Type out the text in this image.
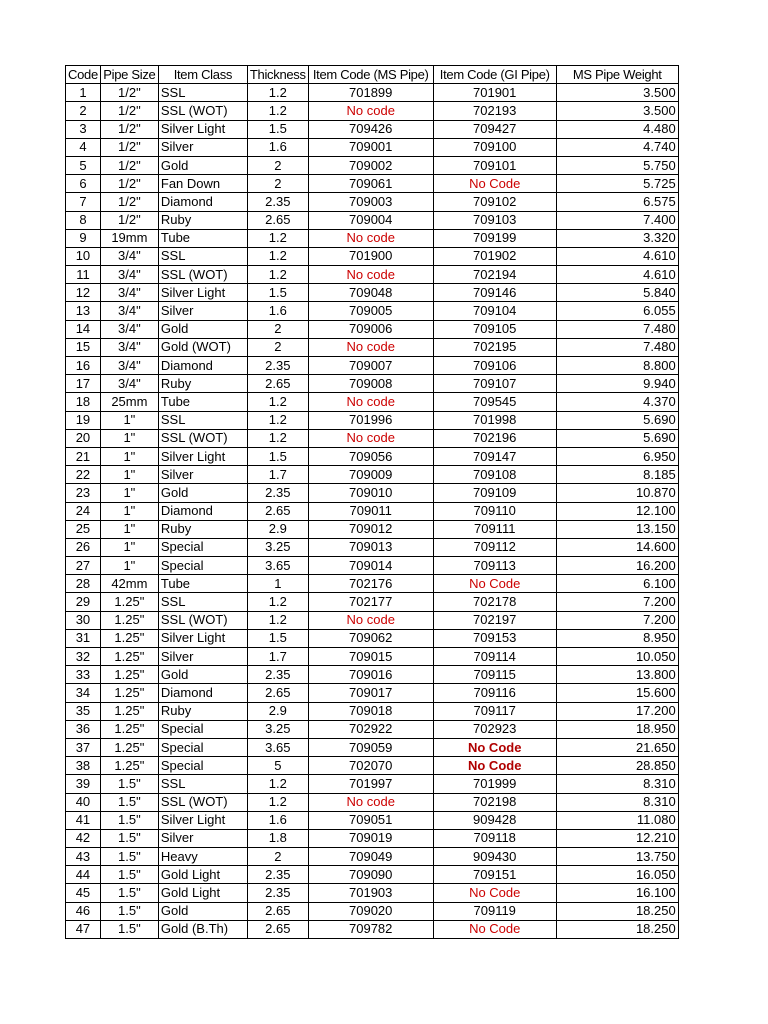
Code	Pipe Size	Item Class	Thickness	Item Code (MS Pipe)	Item Code (GI Pipe)	MS Pipe Weight
1	1/2"	SSL	1.2	701899	701901	3.500
2	1/2"	SSL (WOT)	1.2	No code	702193	3.500
3	1/2"	Silver Light	1.5	709426	709427	4.480
4	1/2"	Silver	1.6	709001	709100	4.740
5	1/2"	Gold	2	709002	709101	5.750
6	1/2"	Fan Down	2	709061	No Code	5.725
7	1/2"	Diamond	2.35	709003	709102	6.575
8	1/2"	Ruby	2.65	709004	709103	7.400
9	19mm	Tube	1.2	No code	709199	3.320
10	3/4"	SSL	1.2	701900	701902	4.610
11	3/4"	SSL (WOT)	1.2	No code	702194	4.610
12	3/4"	Silver Light	1.5	709048	709146	5.840
13	3/4"	Silver	1.6	709005	709104	6.055
14	3/4"	Gold	2	709006	709105	7.480
15	3/4"	Gold (WOT)	2	No code	702195	7.480
16	3/4"	Diamond	2.35	709007	709106	8.800
17	3/4"	Ruby	2.65	709008	709107	9.940
18	25mm	Tube	1.2	No code	709545	4.370
19	1"	SSL	1.2	701996	701998	5.690
20	1"	SSL (WOT)	1.2	No code	702196	5.690
21	1"	Silver Light	1.5	709056	709147	6.950
22	1"	Silver	1.7	709009	709108	8.185
23	1"	Gold	2.35	709010	709109	10.870
24	1"	Diamond	2.65	709011	709110	12.100
25	1"	Ruby	2.9	709012	709111	13.150
26	1"	Special	3.25	709013	709112	14.600
27	1"	Special	3.65	709014	709113	16.200
28	42mm	Tube	1	702176	No Code	6.100
29	1.25"	SSL	1.2	702177	702178	7.200
30	1.25"	SSL (WOT)	1.2	No code	702197	7.200
31	1.25"	Silver Light	1.5	709062	709153	8.950
32	1.25"	Silver	1.7	709015	709114	10.050
33	1.25"	Gold	2.35	709016	709115	13.800
34	1.25"	Diamond	2.65	709017	709116	15.600
35	1.25"	Ruby	2.9	709018	709117	17.200
36	1.25"	Special	3.25	702922	702923	18.950
37	1.25"	Special	3.65	709059	No Code	21.650
38	1.25"	Special	5	702070	No Code	28.850
39	1.5"	SSL	1.2	701997	701999	8.310
40	1.5"	SSL (WOT)	1.2	No code	702198	8.310
41	1.5"	Silver Light	1.6	709051	909428	11.080
42	1.5"	Silver	1.8	709019	709118	12.210
43	1.5"	Heavy	2	709049	909430	13.750
44	1.5"	Gold Light	2.35	709090	709151	16.050
45	1.5"	Gold Light	2.35	701903	No Code	16.100
46	1.5"	Gold	2.65	709020	709119	18.250
47	1.5"	Gold (B.Th)	2.65	709782	No Code	18.250
